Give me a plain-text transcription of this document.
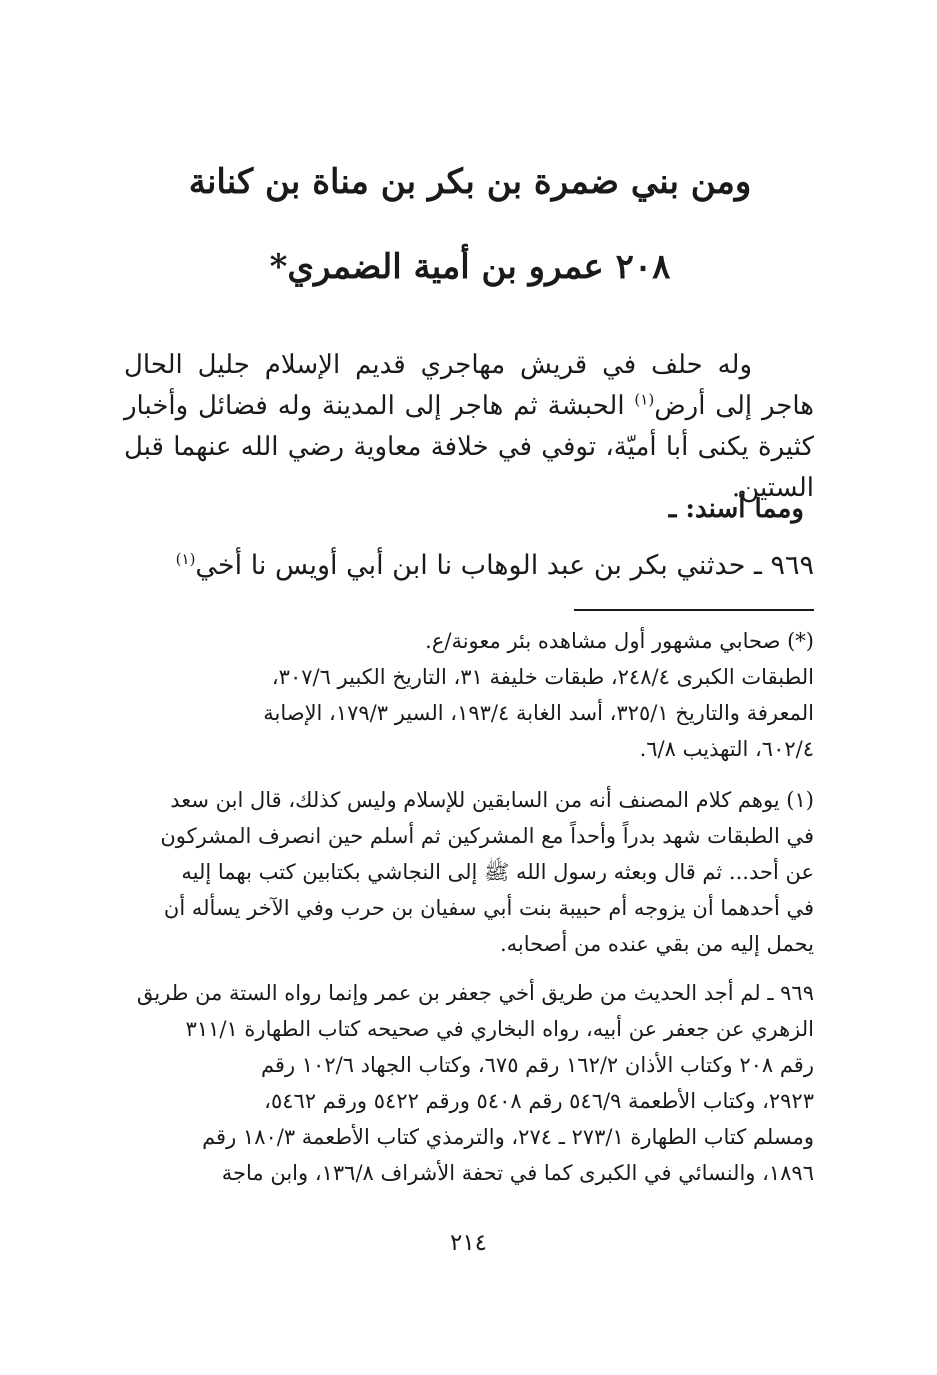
ومن بني ضمرة بن بكر بن مناة بن كنانة
٢٠٨ عمرو بن أمية الضمري*
وله حلف في قريش مهاجري قديم الإسلام جليل الحال هاجر إلى أرض$^{(١)}$ الحبشة ثم هاجر إلى المدينة وله فضائل وأخبار كثيرة يكنى أبا أميّة، توفي في خلافة معاوية رضي الله عنهما قبل الستين.
ومما أسند: ـ
٩٦٩ ـ حدثني بكر بن عبد الوهاب نا ابن أبي أويس نا أخي$^{(١)}$
(*) صحابي مشهور أول مشاهده بئر معونة/ع.
الطبقات الكبرى ٢٤٨/٤، طبقات خليفة ٣١، التاريخ الكبير ٣٠٧/٦،
المعرفة والتاريخ ٣٢٥/١، أسد الغابة ١٩٣/٤، السير ١٧٩/٣، الإصابة
٦٠٢/٤، التهذيب ٦/٨.
(١) يوهم كلام المصنف أنه من السابقين للإسلام وليس كذلك، قال ابن سعد
في الطبقات شهد بدراً وأحداً مع المشركين ثم أسلم حين انصرف المشركون
عن أحد... ثم قال وبعثه رسول الله ﷺ إلى النجاشي بكتابين كتب بهما إليه
في أحدهما أن يزوجه أم حبيبة بنت أبي سفيان بن حرب وفي الآخر يسأله أن
يحمل إليه من بقي عنده من أصحابه.
٩٦٩ ـ لم أجد الحديث من طريق أخي جعفر بن عمر وإنما رواه الستة من طريق
الزهري عن جعفر عن أبيه، رواه البخاري في صحيحه كتاب الطهارة ٣١١/١
رقم ٢٠٨ وكتاب الأذان ١٦٢/٢ رقم ٦٧٥، وكتاب الجهاد ١٠٢/٦ رقم
٢٩٢٣، وكتاب الأطعمة ٥٤٦/٩ رقم ٥٤٠٨ ورقم ٥٤٢٢ ورقم ٥٤٦٢،
ومسلم كتاب الطهارة ٢٧٣/١ ـ ٢٧٤، والترمذي كتاب الأطعمة ١٨٠/٣ رقم
١٨٩٦، والنسائي في الكبرى كما في تحفة الأشراف ١٣٦/٨، وابن ماجة
٢١٤
